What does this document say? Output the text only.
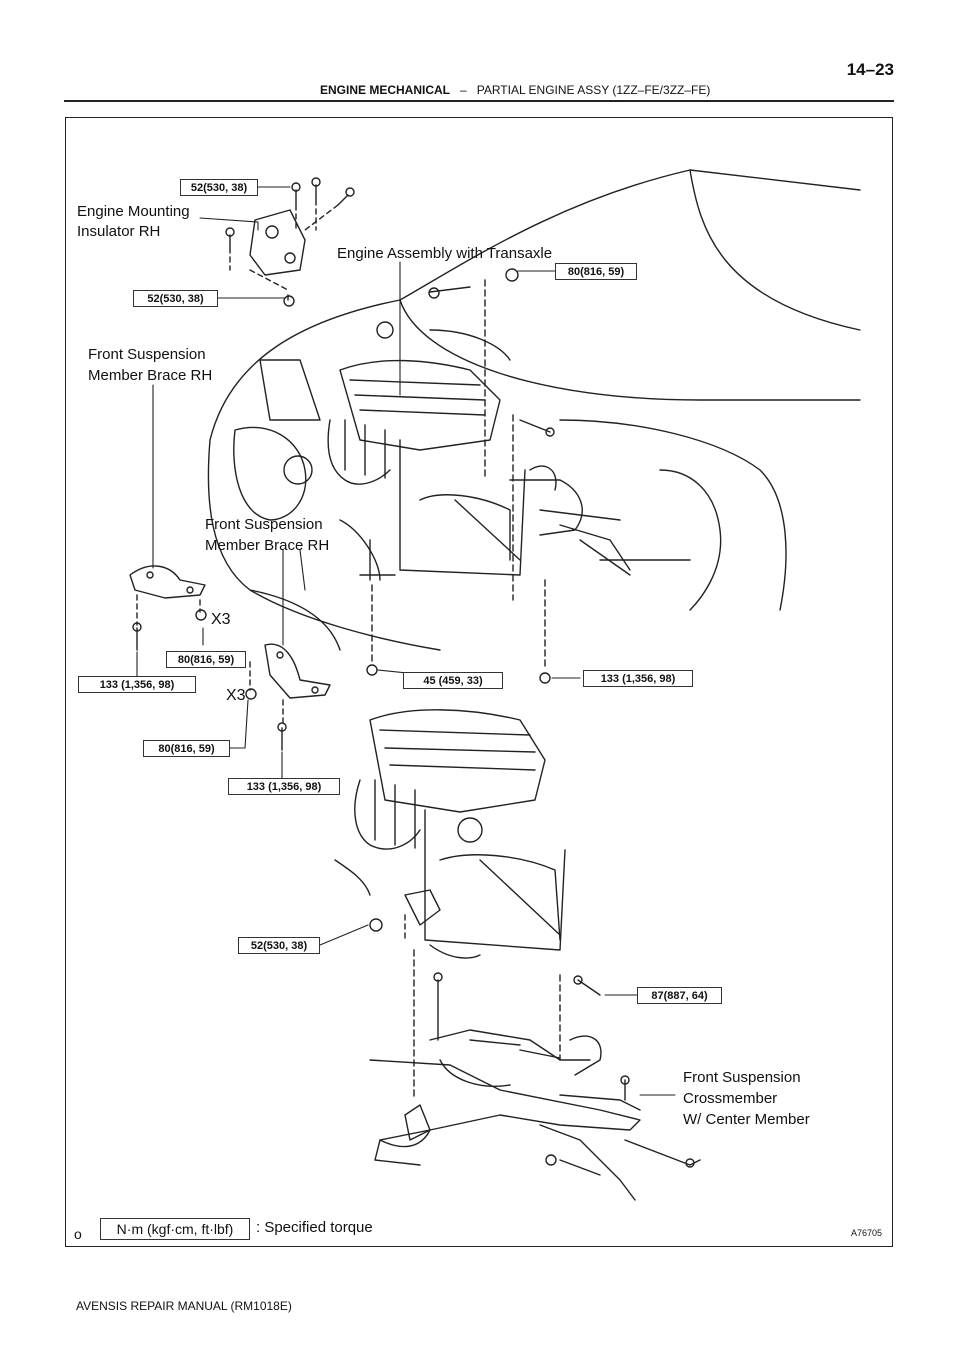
14–23
ENGINE MECHANICAL – PARTIAL ENGINE ASSY (1ZZ–FE/3ZZ–FE)
Engine Mounting
Insulator RH
Engine Assembly with Transaxle
Front Suspension
Member Brace RH
Front Suspension
Member Brace RH
Front Suspension
Crossmember
W/ Center Member
X3
X3
52(530, 38)
52(530, 38)
80(816, 59)
80(816, 59)
133 (1,356, 98)	45 (459, 33)	133 (1,356, 98)
80(816, 59)
133 (1,356, 98)
52(530, 38)
87(887, 64)
o	N·m (kgf·cm, ft·lbf)	: Specified torque	A76705
AVENSIS REPAIR MANUAL (RM1018E)
